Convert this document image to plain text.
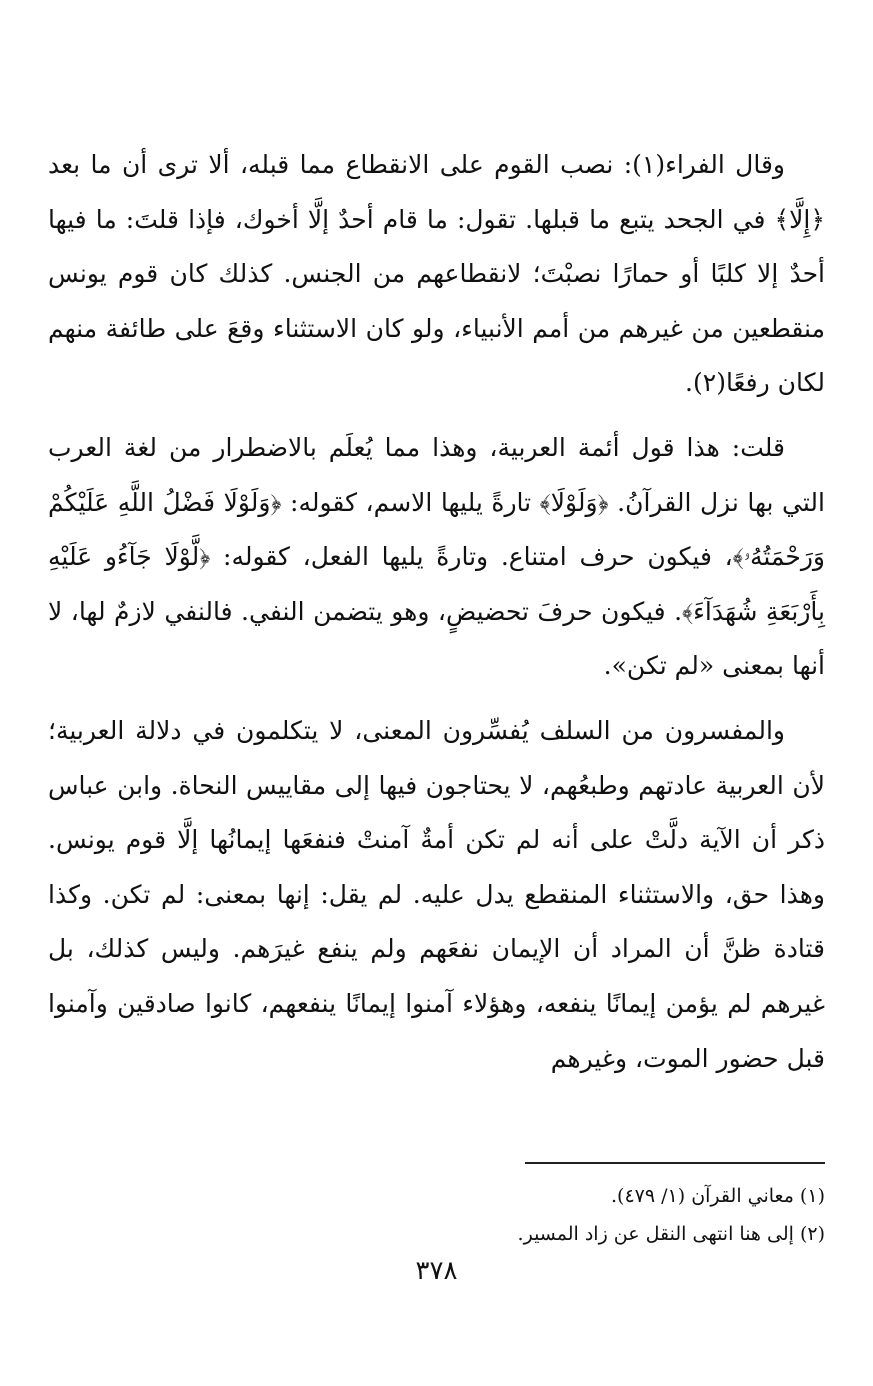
وقال الفراء(١): نصب القوم على الانقطاع مما قبله، ألا ترى أن ما بعد ﴿إِلَّا﴾ في الجحد يتبع ما قبلها. تقول: ما قام أحدٌ إلَّا أخوك، فإذا قلتَ: ما فيها أحدٌ إلا كلبًا أو حمارًا نصبْتَ؛ لانقطاعهم من الجنس. كذلك كان قوم يونس منقطعين من غيرهم من أمم الأنبياء، ولو كان الاستثناء وقعَ على طائفة منهم لكان رفعًا(٢).

قلت: هذا قول أئمة العربية، وهذا مما يُعلَم بالاضطرار من لغة العرب التي بها نزل القرآنُ. ﴿وَلَوْلَا﴾ تارةً يليها الاسم، كقوله: ﴿وَلَوْلَا فَضْلُ اللَّهِ عَلَيْكُمْ وَرَحْمَتُهُۥ﴾، فيكون حرف امتناع. وتارةً يليها الفعل، كقوله: ﴿لَّوْلَا جَآءُو عَلَيْهِ بِأَرْبَعَةِ شُهَدَآءَ﴾. فيكون حرفَ تحضيضٍ، وهو يتضمن النفي. فالنفي لازمٌ لها، لا أنها بمعنى «لم تكن».

والمفسرون من السلف يُفسِّرون المعنى، لا يتكلمون في دلالة العربية؛ لأن العربية عادتهم وطبعُهم، لا يحتاجون فيها إلى مقاييس النحاة. وابن عباس ذكر أن الآية دلَّتْ على أنه لم تكن أمةٌ آمنتْ فنفعَها إيمانُها إلَّا قوم يونس. وهذا حق، والاستثناء المنقطع يدل عليه. لم يقل: إنها بمعنى: لم تكن. وكذا قتادة ظنَّ أن المراد أن الإيمان نفعَهم ولم ينفع غيرَهم. وليس كذلك، بل غيرهم لم يؤمن إيمانًا ينفعه، وهؤلاء آمنوا إيمانًا ينفعهم، كانوا صادقين وآمنوا قبل حضور الموت، وغيرهم

(١) معاني القرآن (١/ ٤٧٩).

(٢) إلى هنا انتهى النقل عن زاد المسير.

٣٧٨
